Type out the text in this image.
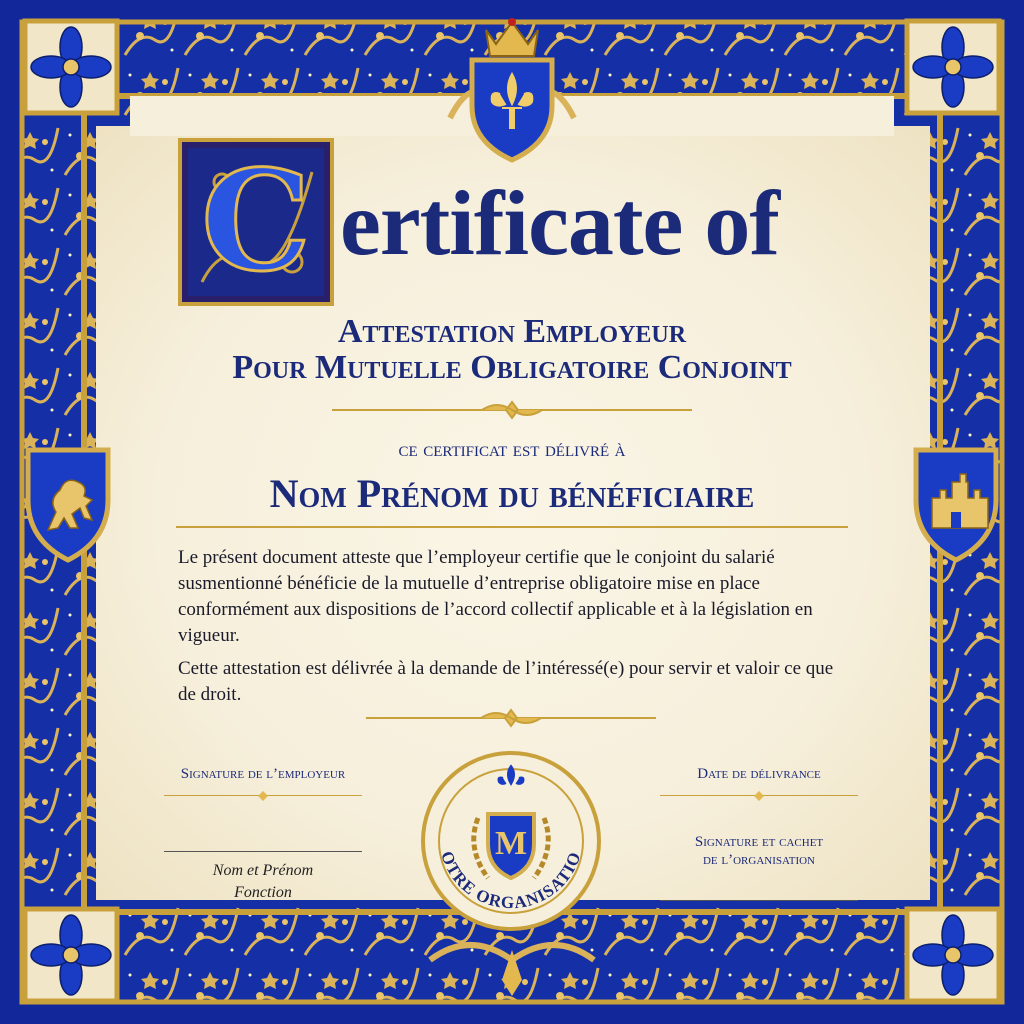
C ertificate of
Attestation Employeur
Pour Mutuelle Obligatoire Conjoint
ce certificat est délivré à
Nom Prénom du bénéficiaire
Le présent document atteste que l’employeur certifie que le conjoint du salarié susmentionné bénéficie de la mutuelle d’entreprise obligatoire mise en place conformément aux dispositions de l’accord collectif applicable et à la législation en vigueur.
Cette attestation est délivrée à la demande de l’intéressé(e) pour servir et valoir ce que de droit.
Signature de l’employeur
Nom et Prénom
Fonction
M
OTRE ORGANISATIO
Date de délivrance
Signature et cachet
de l’organisation
